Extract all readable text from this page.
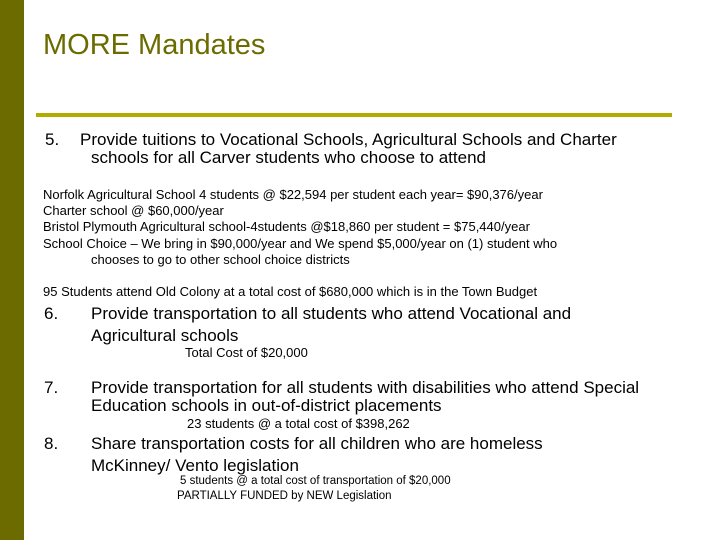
MORE Mandates
5. Provide tuitions to Vocational Schools, Agricultural Schools and Charter
schools for all Carver students who choose to attend
Norfolk Agricultural School 4 students @ $22,594 per student each year= $90,376/year
Charter school @ $60,000/year
Bristol Plymouth Agricultural school-4students @$18,860 per student = $75,440/year
School Choice – We bring in $90,000/year and We spend $5,000/year on (1) student who
chooses to go to other school choice districts
95 Students attend Old Colony at a total cost of $680,000 which is in the Town Budget
6. Provide transportation to all students who attend Vocational and
Agricultural schools
Total Cost of $20,000
7. Provide transportation for all students with disabilities who attend Special
Education schools in out-of-district placements
23 students @ a total cost of $398,262
8. Share transportation costs for all children who are homeless
McKinney/ Vento legislation
5 students @ a total cost of transportation of $20,000
PARTIALLY FUNDED by NEW Legislation
